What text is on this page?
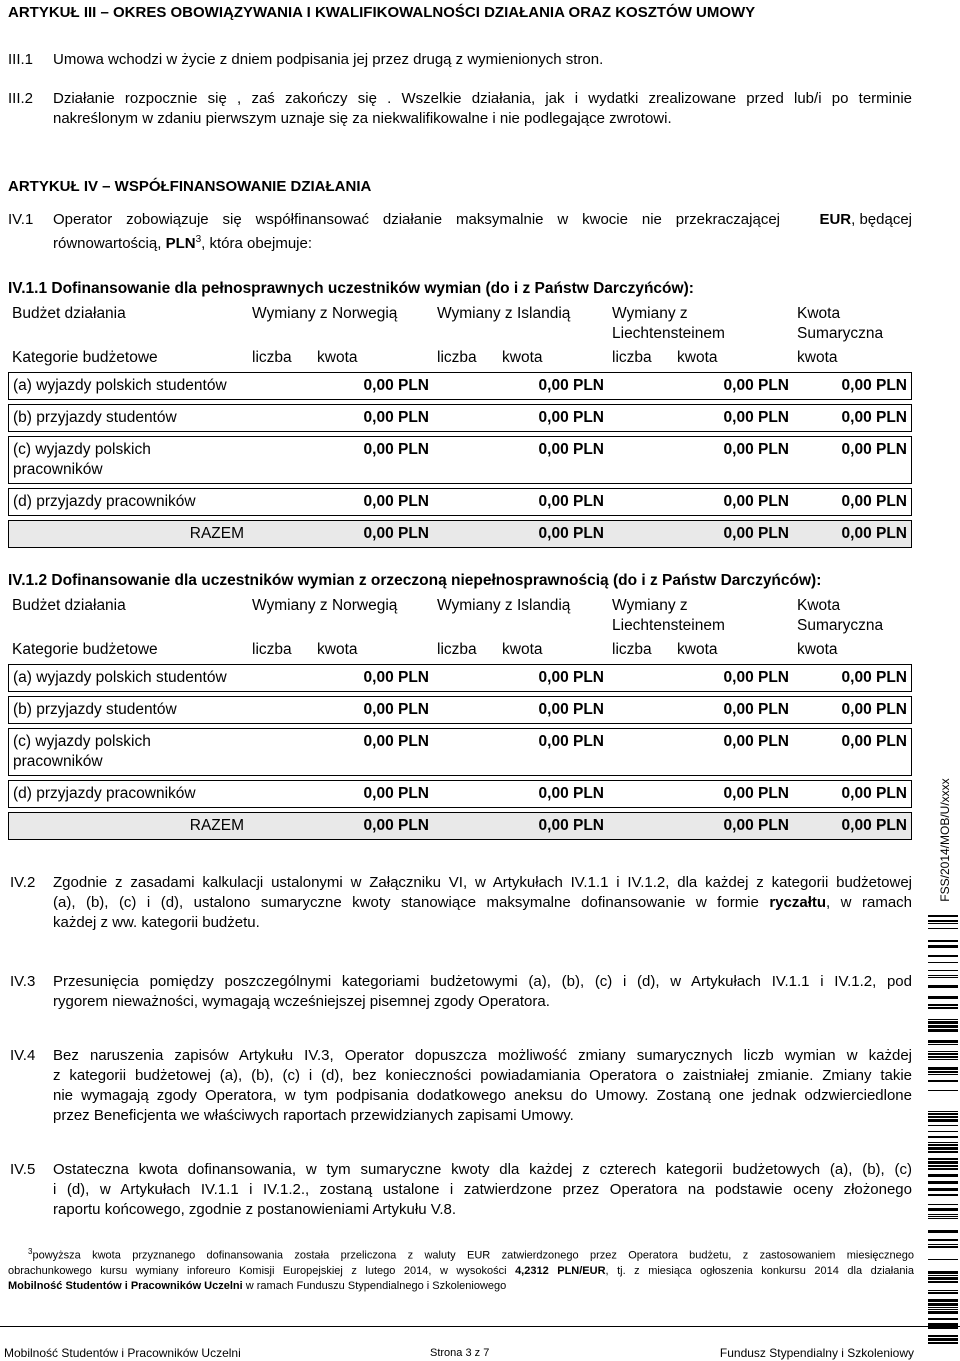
ARTYKUŁ III – OKRES OBOWIĄZYWANIA I KWALIFIKOWALNOŚCI DZIAŁANIA ORAZ KOSZTÓW UMOWY
III.1 Umowa wchodzi w życie z dniem podpisania jej przez drugą z wymienionych stron.
III.2 Działanie rozpocznie się , zaś zakończy się . Wszelkie działania, jak i wydatki zrealizowane przed lub/i po terminie
nakreślonym w zdaniu pierwszym uznaje się za niekwalifikowalne i nie podlegające zwrotowi.
ARTYKUŁ IV – WSPÓŁFINANSOWANIE DZIAŁANIA
IV.1 Operator zobowiązuje się współfinansować działanie maksymalnie w kwocie nie przekraczającej	EUR, będącej
równowartością, PLN$^3$, która obejmuje:
IV.1.1 Dofinansowanie dla pełnosprawnych uczestników wymian (do i z Państw Darczyńców):
Budżet działania	Wymiany z Norwegią		Wymiany z Islandią		Wymiany z Liechtensteinem		Kwota Sumaryczna
Kategorie budżetowe	liczba	kwota	liczba	kwota	liczba	kwota	kwota
(a) wyjazdy polskich studentów	0,00 PLN		0,00 PLN		0,00 PLN		0,00 PLN
(b) przyjazdy studentów	0,00 PLN		0,00 PLN		0,00 PLN		0,00 PLN
(c) wyjazdy polskich pracowników	0,00 PLN		0,00 PLN		0,00 PLN		0,00 PLN
(d) przyjazdy pracowników	0,00 PLN		0,00 PLN		0,00 PLN		0,00 PLN
RAZEM	0,00 PLN		0,00 PLN		0,00 PLN		0,00 PLN
IV.1.2 Dofinansowanie dla uczestników wymian z orzeczoną niepełnosprawnością (do i z Państw Darczyńców):
Budżet działania	Wymiany z Norwegią		Wymiany z Islandią		Wymiany z Liechtensteinem		Kwota Sumaryczna
Kategorie budżetowe	liczba	kwota	liczba	kwota	liczba	kwota	kwota
(a) wyjazdy polskich studentów	0,00 PLN		0,00 PLN		0,00 PLN		0,00 PLN
(b) przyjazdy studentów	0,00 PLN		0,00 PLN		0,00 PLN		0,00 PLN
(c) wyjazdy polskich pracowników	0,00 PLN		0,00 PLN		0,00 PLN		0,00 PLN
(d) przyjazdy pracowników	0,00 PLN		0,00 PLN		0,00 PLN		0,00 PLN
RAZEM	0,00 PLN		0,00 PLN		0,00 PLN		0,00 PLN
IV.2 Zgodnie z zasadami kalkulacji ustalonymi w Załączniku VI, w Artykułach IV.1.1 i IV.1.2, dla każdej z kategorii budżetowej
(a), (b), (c) i (d), ustalono sumaryczne kwoty stanowiące maksymalne dofinansowanie w formie ryczałtu, w ramach
każdej z ww. kategorii budżetu.
IV.3 Przesunięcia pomiędzy poszczególnymi kategoriami budżetowymi (a), (b), (c) i (d), w Artykułach IV.1.1 i IV.1.2, pod
rygorem nieważności, wymagają wcześniejszej pisemnej zgody Operatora.
IV.4 Bez naruszenia zapisów Artykułu IV.3, Operator dopuszcza możliwość zmiany sumarycznych liczb wymian w każdej
z kategorii budżetowej (a), (b), (c) i (d), bez konieczności powiadamiania Operatora o zaistniałej zmianie. Zmiany takie
nie wymagają zgody Operatora, w tym podpisania dodatkowego aneksu do Umowy. Zostaną one jednak odzwierciedlone
przez Beneficjenta we właściwych raportach przewidzianych zapisami Umowy.
IV.5 Ostateczna kwota dofinansowania, w tym sumaryczne kwoty dla każdej z czterech kategorii budżetowych (a), (b), (c)
i (d), w Artykułach IV.1.1 i IV.1.2., zostaną ustalone i zatwierdzone przez Operatora na podstawie oceny złożonego
raportu końcowego, zgodnie z postanowieniami Artykułu V.8.
$^3$powyższa kwota przyznanego dofinansowania została przeliczona z waluty EUR zatwierdzonego przez Operatora budżetu, z zastosowaniem miesięcznego
obrachunkowego kursu wymiany inforeuro Komisji Europejskiej z lutego 2014, w wysokości 4,2312 PLN/EUR, tj. z miesiąca ogłoszenia konkursu 2014 dla działania
Mobilność Studentów i Pracowników Uczelni w ramach Funduszu Stypendialnego i Szkoleniowego
Mobilność Studentów i Pracowników Uczelni	Strona 3 z 7	Fundusz Stypendialny i Szkoleniowy
FSS/2014/MOB/U/xxxx
